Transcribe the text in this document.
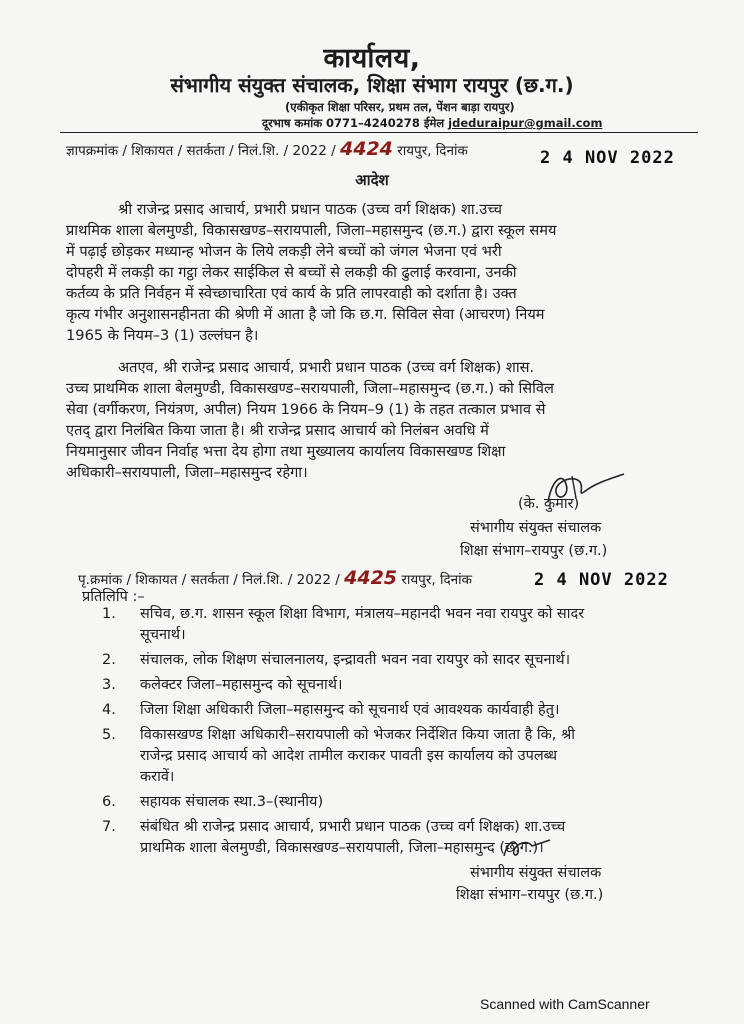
कार्यालय,
संभागीय संयुक्त संचालक, शिक्षा संभाग रायपुर (छ.ग.)
(एकीकृत शिक्षा परिसर, प्रथम तल, पेंशन बाड़ा रायपुर)
दूरभाष कमांक 0771–4240278 ईमेल jdeduraipur@gmail.com
ज्ञापक्रमांक / शिकायत / सतर्कता / निलं.शि. / 2022 / 4424 रायपुर, दिनांक	2 4 NOV 2022
आदेश
श्री राजेन्द्र प्रसाद आचार्य, प्रभारी प्रधान पाठक (उच्च वर्ग शिक्षक) शा.उच्च
प्राथमिक शाला बेलमुण्डी, विकासखण्ड–सरायपाली, जिला–महासमुन्द (छ.ग.) द्वारा स्कूल समय
में पढ़ाई छोड़कर मध्यान्ह भोजन के लिये लकड़ी लेने बच्चों को जंगल भेजना एवं भरी
दोपहरी में लकड़ी का गट्ठा लेकर साईकिल से बच्चों से लकड़ी की ढुलाई करवाना, उनकी
कर्तव्य के प्रति निर्वहन में स्वेच्छाचारिता एवं कार्य के प्रति लापरवाही को दर्शाता है। उक्त
कृत्य गंभीर अनुशासनहीनता की श्रेणी में आता है जो कि छ.ग. सिविल सेवा (आचरण) नियम
1965 के नियम–3 (1) उल्लंघन है।
अतएव, श्री राजेन्द्र प्रसाद आचार्य, प्रभारी प्रधान पाठक (उच्च वर्ग शिक्षक) शास.
उच्च प्राथमिक शाला बेलमुण्डी, विकासखण्ड–सरायपाली, जिला–महासमुन्द (छ.ग.) को सिविल
सेवा (वर्गीकरण, नियंत्रण, अपील) नियम 1966 के नियम–9 (1) के तहत तत्काल प्रभाव से
एतद् द्वारा निलंबित किया जाता है। श्री राजेन्द्र प्रसाद आचार्य को निलंबन अवधि में
नियमानुसार जीवन निर्वाह भत्ता देय होगा तथा मुख्यालय कार्यालय विकासखण्ड शिक्षा
अधिकारी–सरायपाली, जिला–महासमुन्द रहेगा।
(के. कुमार)
संभागीय संयुक्त संचालक
शिक्षा संभाग–रायपुर (छ.ग.)
पृ.क्रमांक / शिकायत / सतर्कता / निलं.शि. / 2022 / 4425 रायपुर, दिनांक	2 4 NOV 2022
प्रतिलिपि :–
1. सचिव, छ.ग. शासन स्कूल शिक्षा विभाग, मंत्रालय–महानदी भवन नवा रायपुर को सादर
सूचनार्थ।
2. संचालक, लोक शिक्षण संचालनालय, इन्द्रावती भवन नवा रायपुर को सादर सूचनार्थ।
3. कलेक्टर जिला–महासमुन्द को सूचनार्थ।
4. जिला शिक्षा अधिकारी जिला–महासमुन्द को सूचनार्थ एवं आवश्यक कार्यवाही हेतु।
5. विकासखण्ड शिक्षा अधिकारी–सरायपाली को भेजकर निर्देशित किया जाता है कि, श्री
राजेन्द्र प्रसाद आचार्य को आदेश तामील कराकर पावती इस कार्यालय को उपलब्ध
करावें।
6. सहायक संचालक स्था.3–(स्थानीय)
7. संबंधित श्री राजेन्द्र प्रसाद आचार्य, प्रभारी प्रधान पाठक (उच्च वर्ग शिक्षक) शा.उच्च
प्राथमिक शाला बेलमुण्डी, विकासखण्ड–सरायपाली, जिला–महासमुन्द (छ.ग.)।
संभागीय संयुक्त संचालक
शिक्षा संभाग–रायपुर (छ.ग.)
Scanned with CamScanner
